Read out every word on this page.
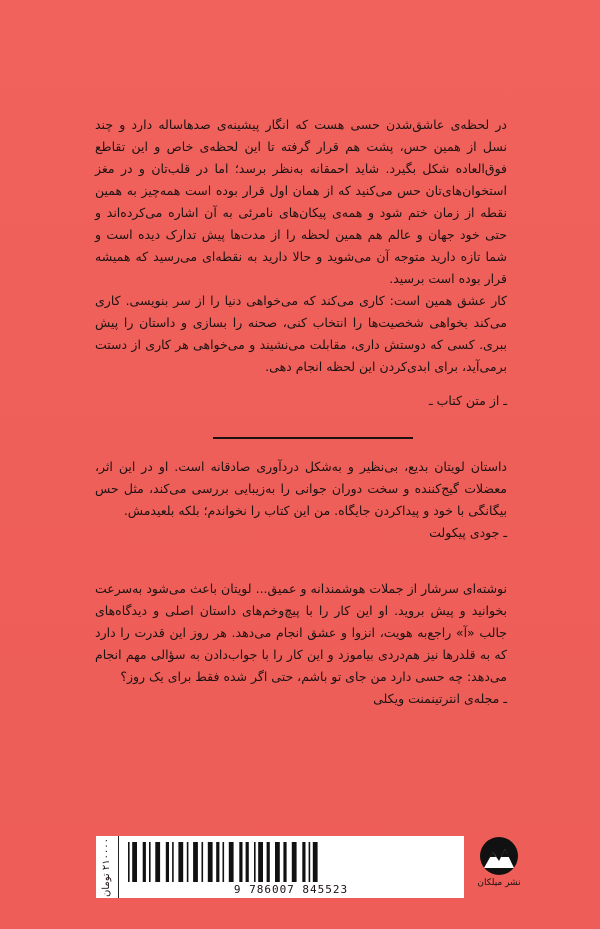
در لحظه‌ی عاشق‌شدن حسی هست که انگار پیشینه‌ی صدهاساله دارد و چند نسل از همین حس، پشت هم قرار گرفته تا این لحظه‌ی خاص و این تقاطع فوق‌العاده شکل بگیرد. شاید احمقانه به‌نظر برسد؛ اما در قلب‌تان و در مغز استخوان‌های‌تان حس می‌کنید که از همان اول قرار بوده است همه‌چیز به همین نقطه از زمان ختم شود و همه‌ی پیکان‌های نامرئی به آن اشاره می‌کرده‌اند و حتی خود جهان و عالم هم همین لحظه را از مدت‌ها پیش تدارک دیده است و شما تازه دارید متوجه آن می‌شوید و حالا دارید به نقطه‌ای می‌رسید که همیشه قرار بوده است برسید.

کار عشق همین است: کاری می‌کند که می‌خواهی دنیا را از سر بنویسی. کاری می‌کند بخواهی شخصیت‌ها را انتخاب کنی، صحنه را بسازی و داستان را پیش ببری. کسی که دوستش داری، مقابلت می‌نشیند و می‌خواهی هر کاری از دستت برمی‌آید، برای ابدی‌کردن این لحظه انجام دهی.

ـ از متن کتاب ـ

داستان لویتان بدیع، بی‌نظیر و به‌شکل دردآوری صادقانه است. او در این اثر، معضلات گیج‌کننده و سخت دوران جوانی را به‌زیبایی بررسی می‌کند، مثل حس بیگانگی با خود و پیداکردن جایگاه. من این کتاب را نخواندم؛ بلکه بلعیدمش.

ـ جودی پیکولت

نوشته‌ای سرشار از جملات هوشمندانه و عمیق... لویتان باعث می‌شود به‌سرعت بخوانید و پیش بروید. او این کار را با پیچ‌وخم‌های داستان اصلی و دیدگاه‌های جالب «آ» راجع‌به هویت، انزوا و عشق انجام می‌دهد. هر روز این قدرت را دارد که به قلدرها نیز هم‌دردی بیاموزد و این کار را با جواب‌دادن به سؤالی مهم انجام می‌دهد: چه حسی دارد من جای تو باشم، حتی اگر شده فقط برای یک روز؟

ـ مجله‌ی انترتینمنت ویکلی

۲۱۰۰۰۰ تومان
9 786007 845523	نشر میلکان
